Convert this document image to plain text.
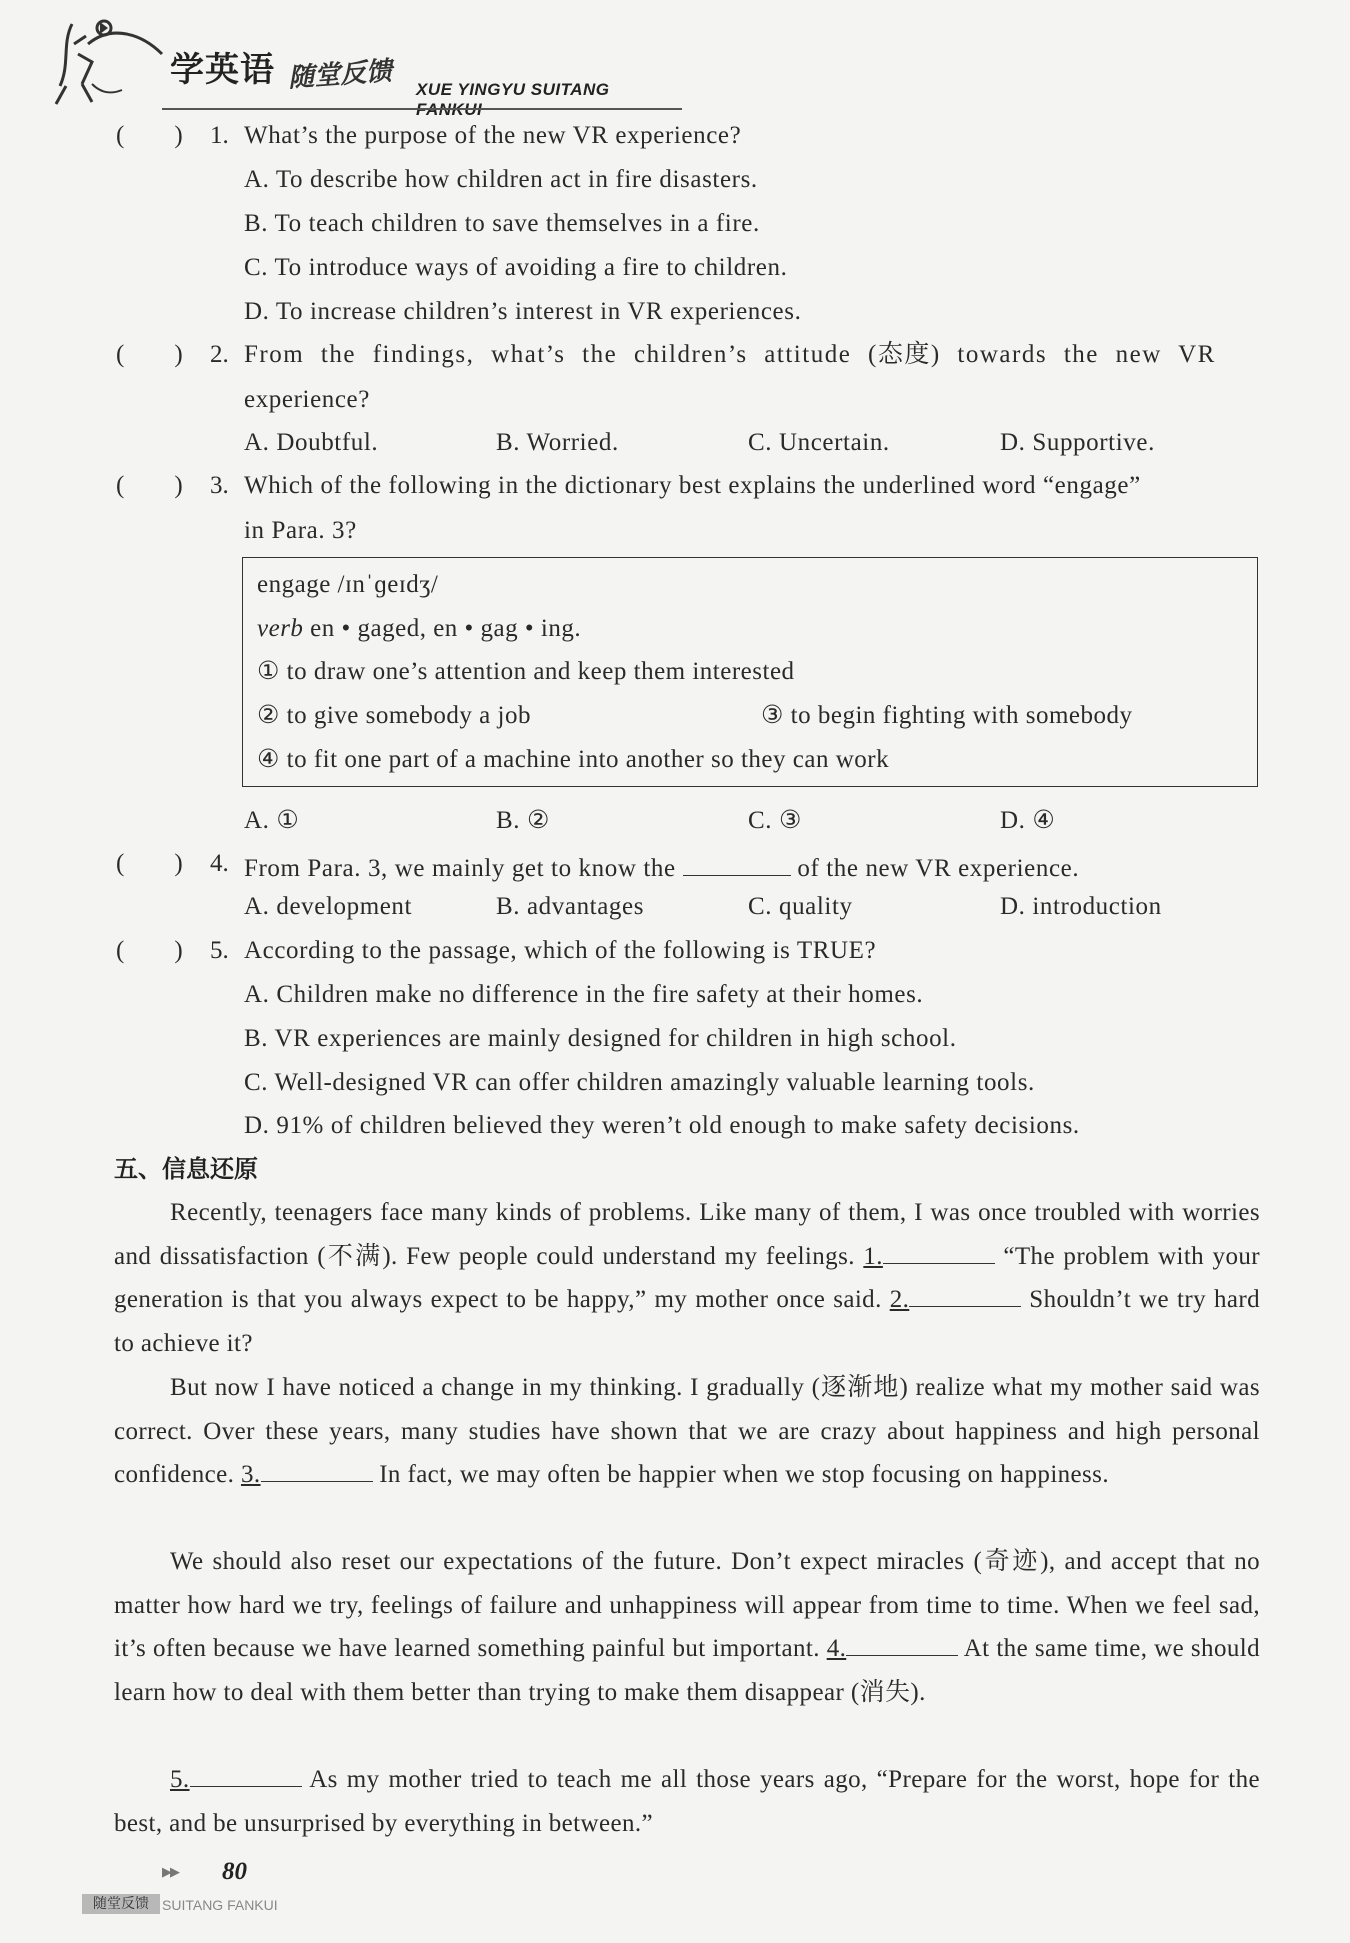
学英语 随堂反馈 XUE YINGYU SUITANG
(        ) 1. What’s the purpose of the new VR experience?
A. To describe how children act in fire disasters.
B. To teach children to save themselves in a fire.
C. To introduce ways of avoiding a fire to children.
D. To increase children’s interest in VR experiences.
(        ) 2. From the findings, what’s the children’s attitude (态度) towards the new VR
experience?
A. Doubtful.	B. Worried.	C. Uncertain.	D. Supportive.
(        ) 3. Which of the following in the dictionary best explains the underlined word “engage”
in Para. 3?
engage /ɪnˈɡeɪdʒ/
verb en • gaged, en • gag • ing.
① to draw one’s attention and keep them interested
② to give somebody a job	③ to begin fighting with somebody
④ to fit one part of a machine into another so they can work
A. ①	B. ②	C. ③	D. ④
(        ) 4. From Para. 3, we mainly get to know the	of the new VR experience.
A. development	B. advantages	C. quality	D. introduction
(        ) 5. According to the passage, which of the following is TRUE?
A. Children make no difference in the fire safety at their homes.
B. VR experiences are mainly designed for children in high school.
C. Well-designed VR can offer children amazingly valuable learning tools.
D. 91% of children believed they weren’t old enough to make safety decisions.
五、信息还原
Recently, teenagers face many kinds of problems. Like many of them, I was once troubled with worries and dissatisfaction (不满). Few people could understand my feelings. 1.	“The problem with your generation is that you always expect to be happy,” my mother once said. 2.	Shouldn’t we try hard to achieve it?
But now I have noticed a change in my thinking. I gradually (逐渐地) realize what my mother said was correct. Over these years, many studies have shown that we are crazy about happiness and high personal confidence. 3.	In fact, we may often be happier when we stop focusing on happiness.
We should also reset our expectations of the future. Don’t expect miracles (奇迹), and accept that no matter how hard we try, feelings of failure and unhappiness will appear from time to time. When we feel sad, it’s often because we have learned something painful but important. 4.	At the same time, we should learn how to deal with them better than trying to make them disappear (消失).
5.	As my mother tried to teach me all those years ago, “Prepare for the worst, hope for the best, and be unsurprised by everything in between.”
▶▶ 80
随堂反馈 SUITANG FANKUI
